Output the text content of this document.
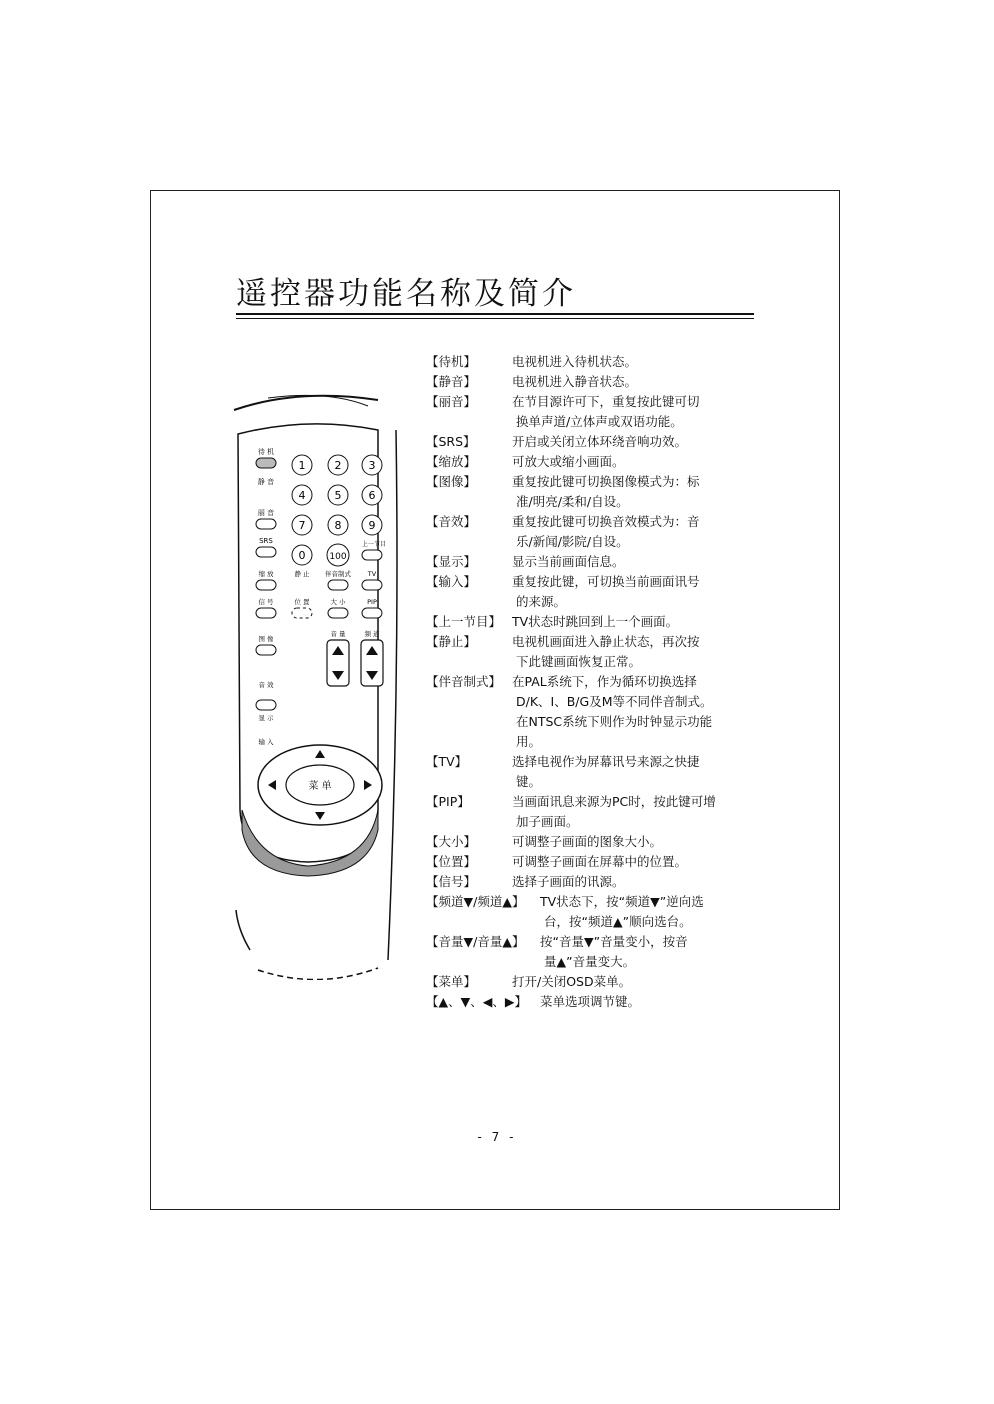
遥控器功能名称及简介
待 机
静 音
丽 音
SRS
1	2 3
4	5 6
7	8 9
0	100
上一节目
缩 放	静 止 伴音制式	TV
信 号	位 置	大 小	PIP
图 像
音 量	频 道
音 效
显 示
输 入
菜 单
【待机】	电视机进入待机状态。
【静音】	电视机进入静音状态。
【丽音】	在节目源许可下，重复按此键可切
换单声道/立体声或双语功能。
【SRS】	开启或关闭立体环绕音响功效。
【缩放】	可放大或缩小画面。
【图像】	重复按此键可切换图像模式为：标
准/明亮/柔和/自设。
【音效】	重复按此键可切换音效模式为：音
乐/新闻/影院/自设。
【显示】	显示当前画面信息。
【输入】	重复按此键，可切换当前画面讯号
的来源。
【上一节目】 TV状态时跳回到上一个画面。
【静止】	电视机画面进入静止状态，再次按
下此键画面恢复正常。
【伴音制式】 在PAL系统下，作为循环切换选择
D/K、I、B/G及M等不同伴音制式。
在NTSC系统下则作为时钟显示功能
用。
【TV】	选择电视作为屏幕讯号来源之快捷
键。
【PIP】	当画面讯息来源为PC时，按此键可增
加子画面。
【大小】	可调整子画面的图象大小。
【位置】	可调整子画面在屏幕中的位置。
【信号】	选择子画面的讯源。
【频道▼/频道▲】 TV状态下，按“频道▼”逆向选
台，按“频道▲”顺向选台。
【音量▼/音量▲】 按“音量▼”音量变小，按音
量▲”音量变大。
【菜单】	打开/关闭OSD菜单。
【▲、▼、◀、▶】 菜单选项调节键。
- 7 -
